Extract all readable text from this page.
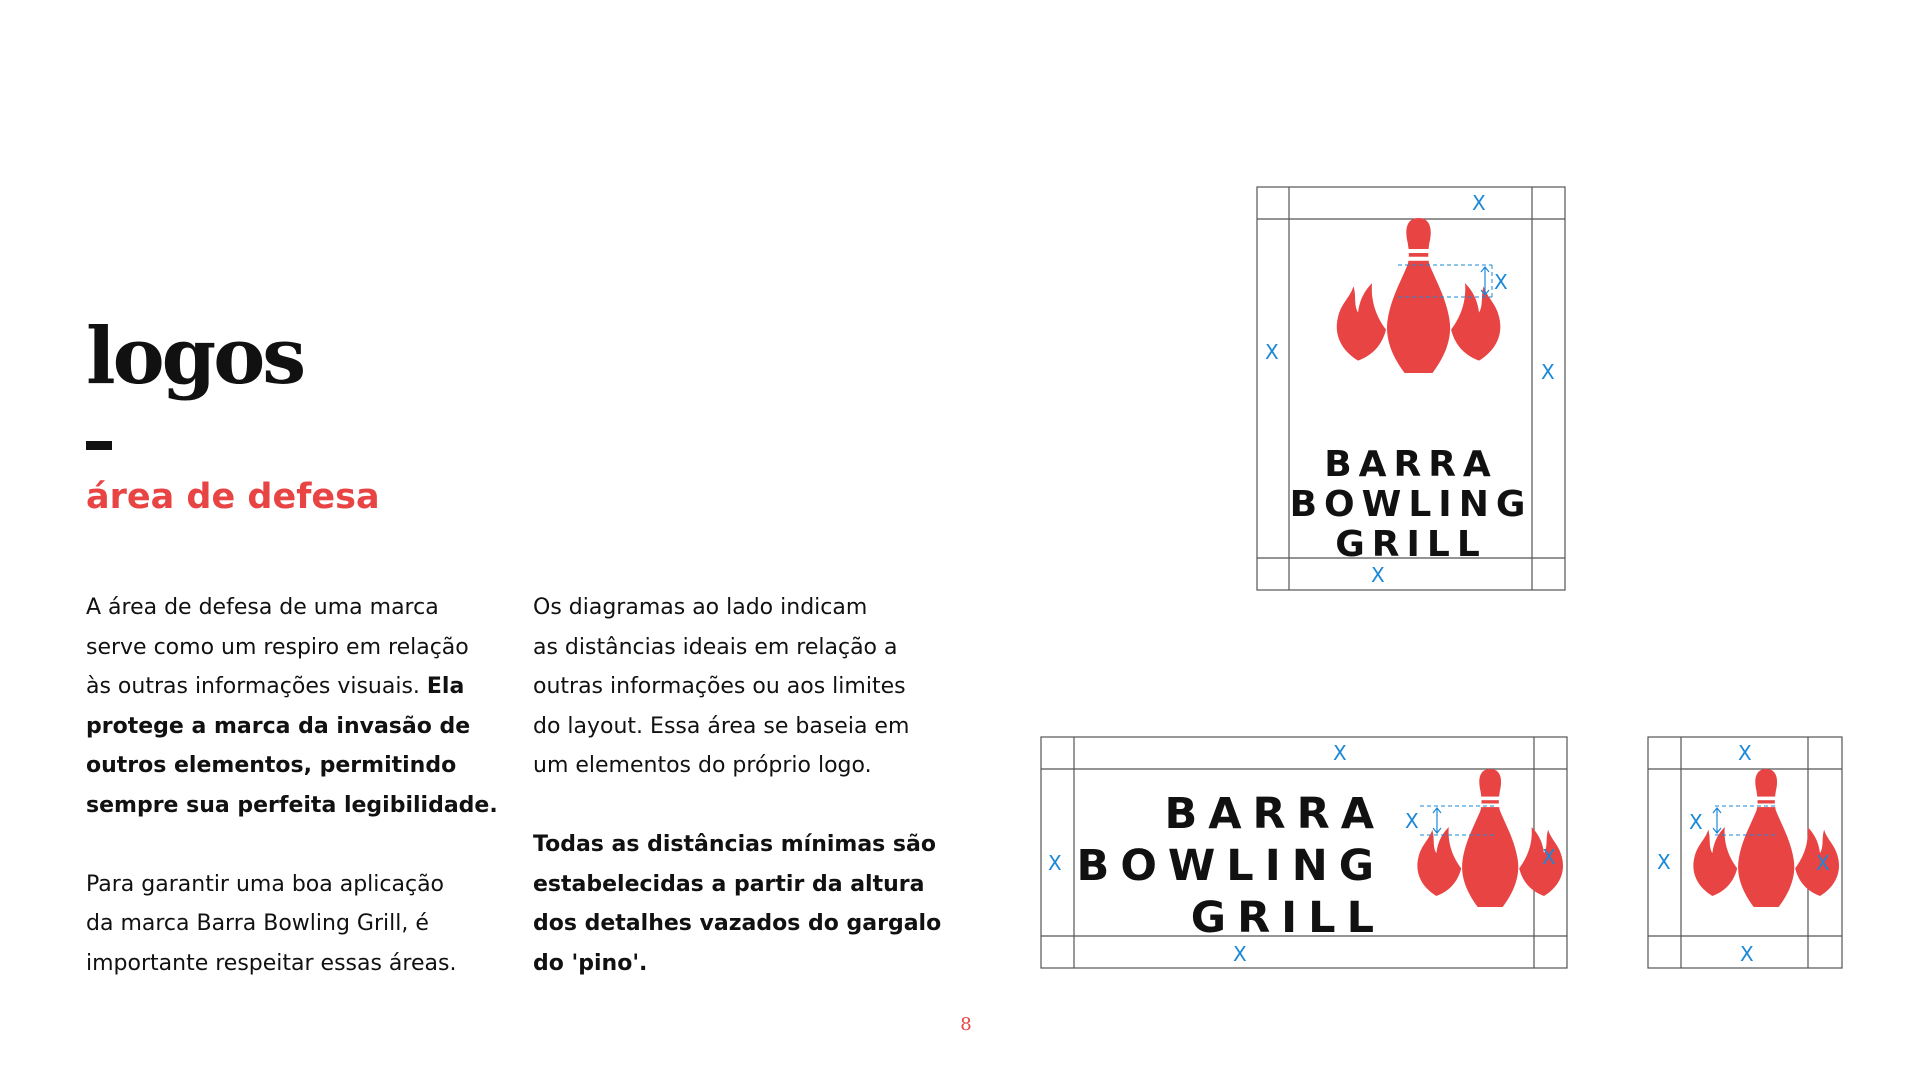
logos
área de defesa

A área de defesa de uma marca
serve como um respiro em relação
às outras informações visuais. Ela
protege a marca da invasão de
outros elementos, permitindo
sempre sua perfeita legibilidade.

Para garantir uma boa aplicação
da marca Barra Bowling Grill, é
importante respeitar essas áreas.

Os diagramas ao lado indicam
as distâncias ideais em relação a
outras informações ou aos limites
do layout. Essa área se baseia em
um elementos do próprio logo.

Todas as distâncias mínimas são
estabelecidas a partir da altura
dos detalhes vazados do gargalo
do 'pino'.

8
BARRA
BOWLING
GRILL
X
X
X
X
X
BARRA
BOWLING
GRILL
X
X
X	X
X
X
X
X	X
X
